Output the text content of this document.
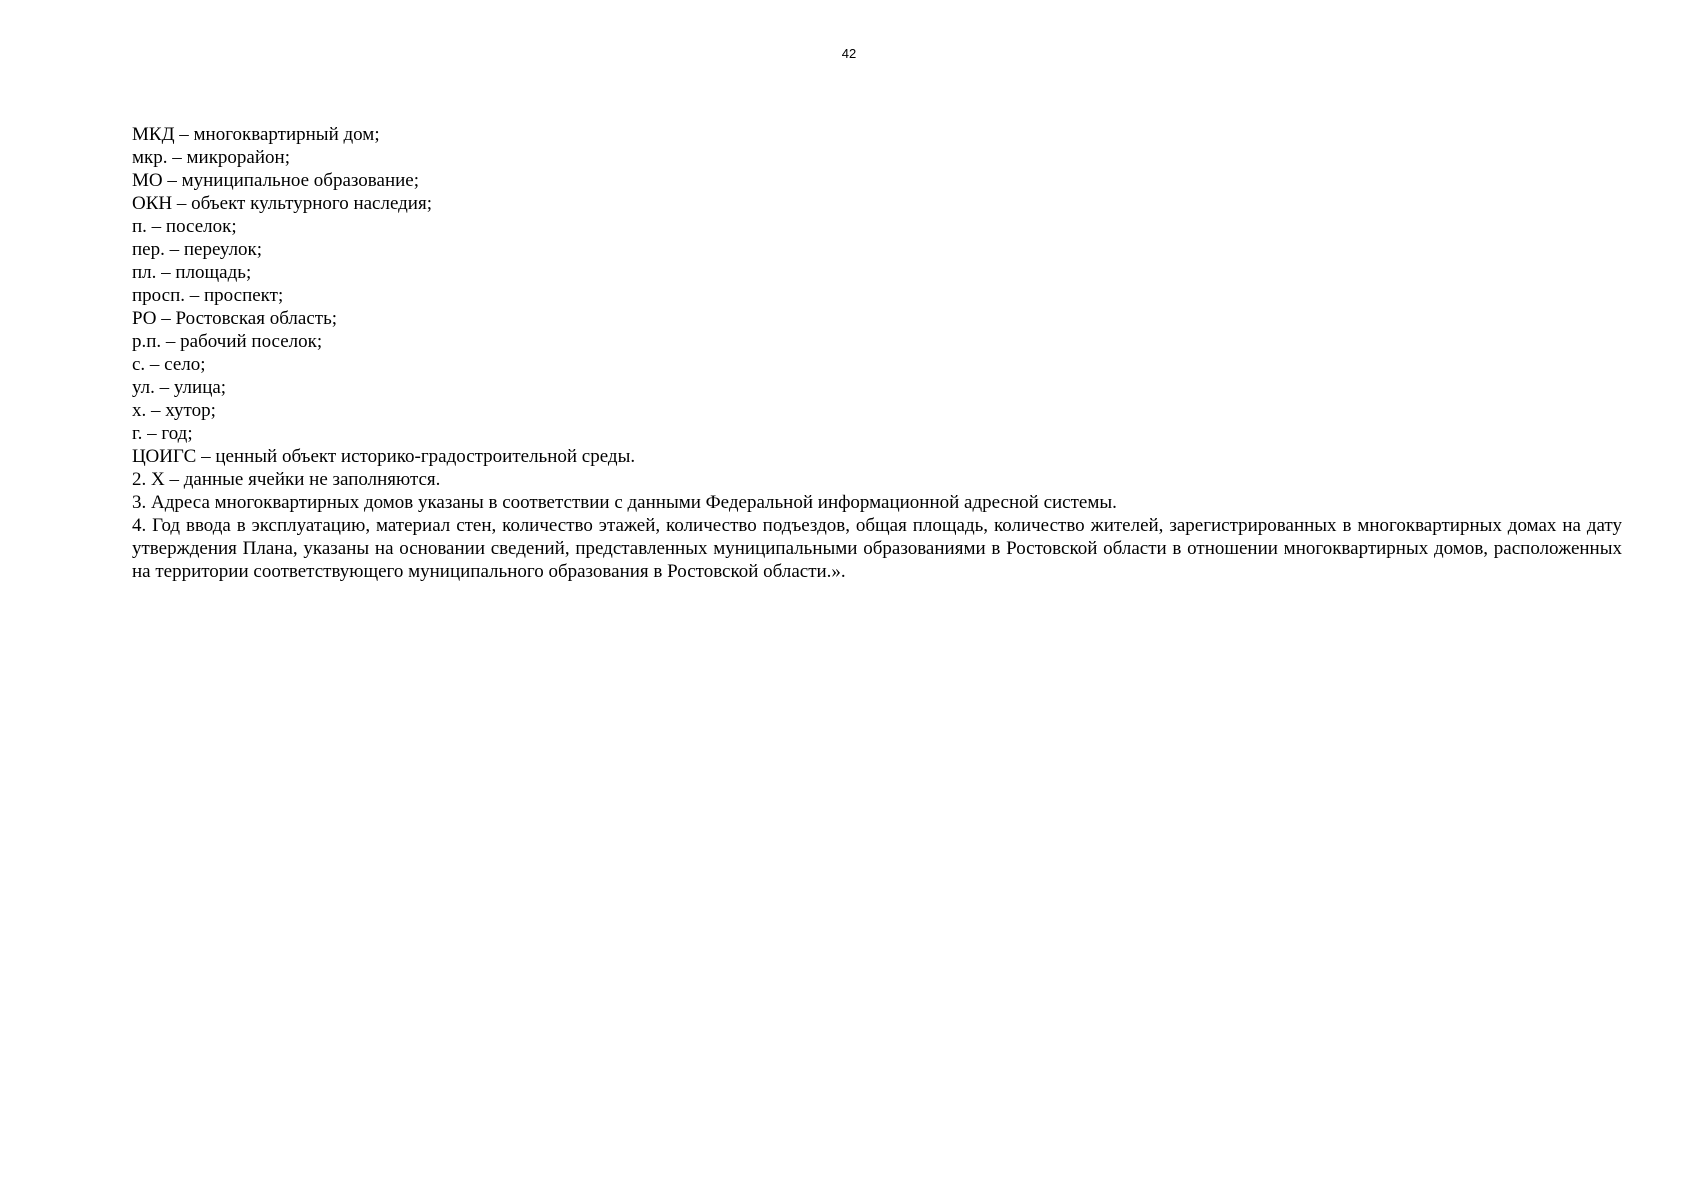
42

МКД – многоквартирный дом;

мкр. – микрорайон;

МО – муниципальное образование;

ОКН – объект культурного наследия;

п. – поселок;

пер. – переулок;

пл. – площадь;

просп. – проспект;

РО – Ростовская область;

р.п. – рабочий поселок;

с. – село;

ул. – улица;

х. – хутор;

г. – год;

ЦОИГС – ценный объект историко-градостроительной среды.

2. Х – данные ячейки не заполняются.

3. Адреса многоквартирных домов указаны в соответствии с данными Федеральной информационной адресной системы.

4. Год ввода в эксплуатацию, материал стен, количество этажей, количество подъездов, общая площадь, количество жителей, зарегистрированных в многоквартирных домах на дату утверждения Плана, указаны на основании сведений, представленных муниципальными образованиями в Ростовской области в отношении многоквартирных домов, расположенных на территории соответствующего муниципального образования в Ростовской области.».
